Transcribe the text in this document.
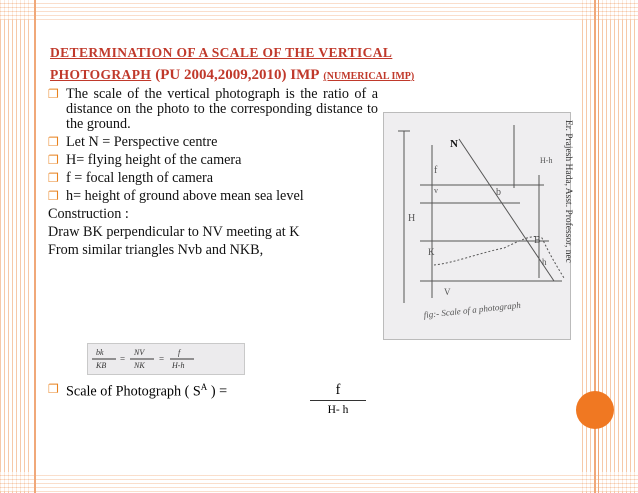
DETERMINATION OF A SCALE OF THE VERTICAL
PHOTOGRAPH (PU 2004,2009,2010) IMP (NUMERICAL IMP)
❐ The scale of the vertical photograph is the ratio of a distance on the photo to the corresponding distance to the ground.
❐ Let N = Perspective centre
❐ H= flying height of the camera
❐ f = focal length of camera
❐ h= height of ground above mean sea level
Construction :
Draw BK perpendicular to NV meeting at K
From similar triangles Nvb and NKB,
N
H
f
v	b
K
B
V
h
H-h
fig:- Scale of a photograph
bk
KB
NV
NK
f
H-h
=	=
❐ Scale of Photograph ( $S^A$ ) =	f
H- h
Er. Prajesh Hada, Asst. Professor, nec
